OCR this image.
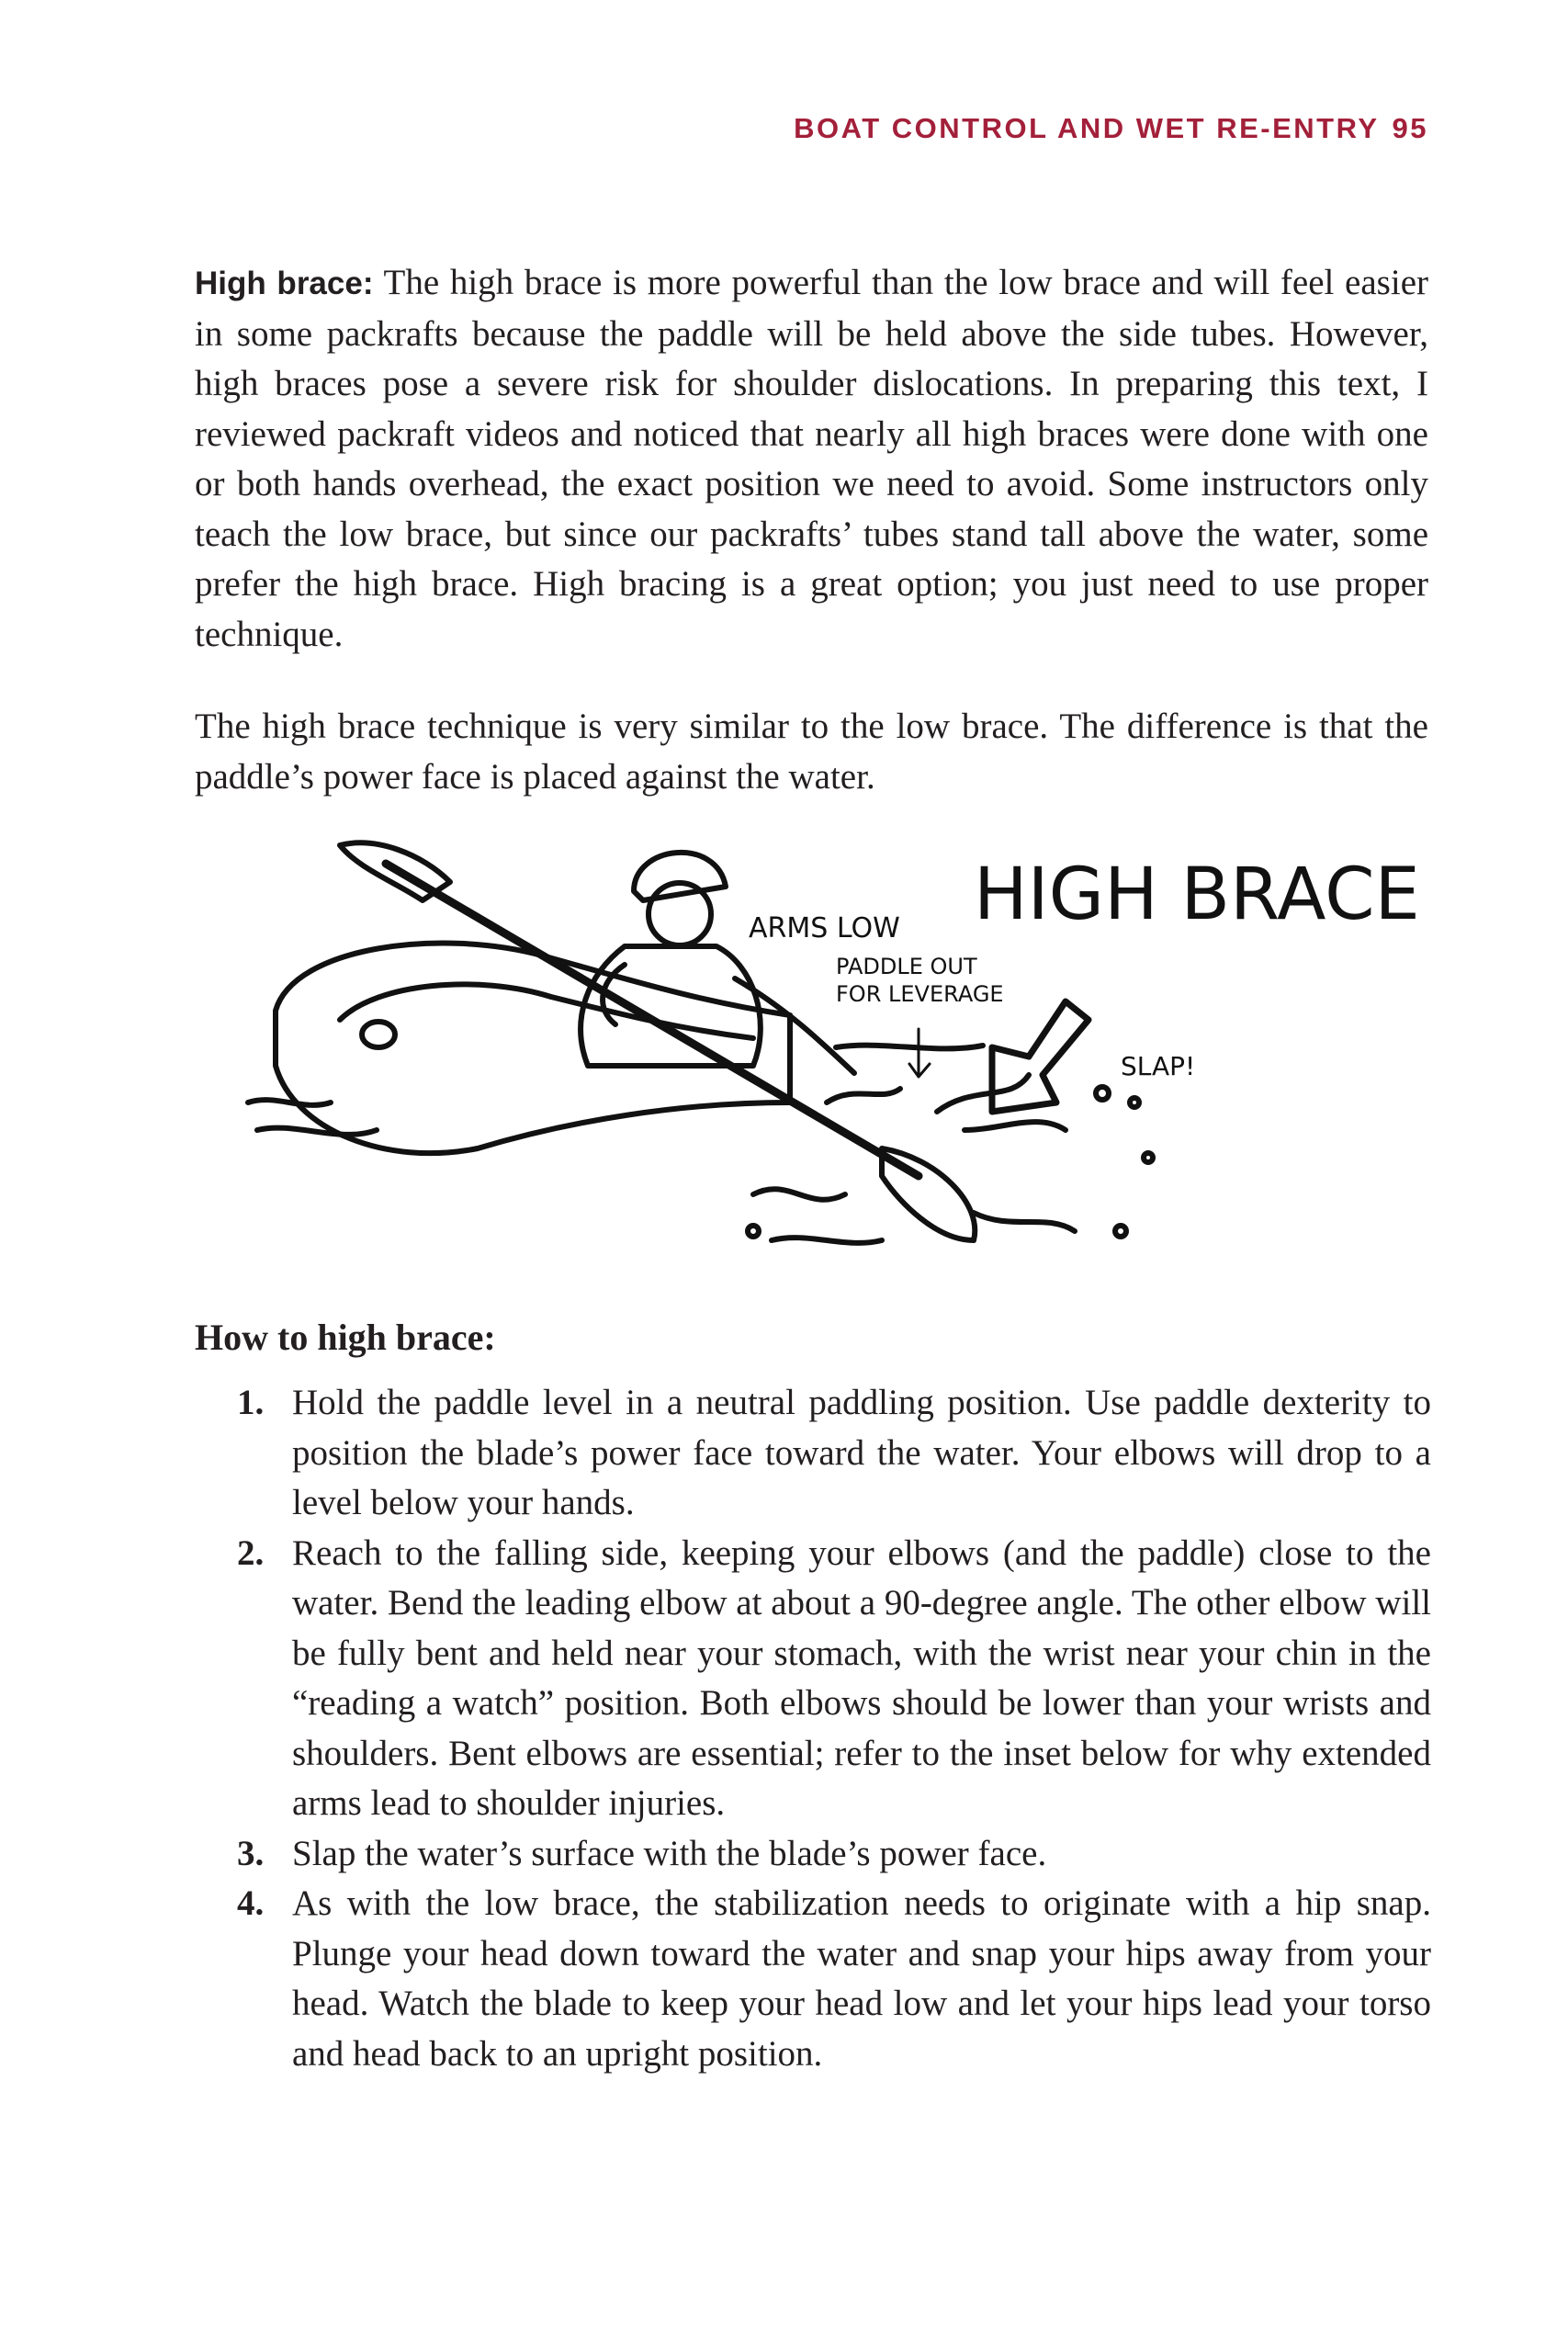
BOAT CONTROL AND WET RE-ENTRY 95

High brace: The high brace is more powerful than the low brace and will feel easier in some packrafts because the paddle will be held above the side tubes. However, high braces pose a severe risk for shoulder dislocations. In preparing this text, I reviewed packraft videos and noticed that nearly all high braces were done with one or both hands overhead, the exact position we need to avoid. Some instructors only teach the low brace, but since our packrafts’ tubes stand tall above the water, some prefer the high brace. High bracing is a great option; you just need to use proper technique.

The high brace technique is very similar to the low brace. The difference is that the paddle’s power face is placed against the water.

HIGH BRACE
ARMS LOW
PADDLE OUT
FOR LEVERAGE
SLAP!

How to high brace:

1. Hold the paddle level in a neutral paddling position. Use paddle dexterity to position the blade’s power face toward the water. Your elbows will drop to a level below your hands.
2. Reach to the falling side, keeping your elbows (and the paddle) close to the water. Bend the leading elbow at about a 90-degree angle. The other elbow will be fully bent and held near your stomach, with the wrist near your chin in the “reading a watch” position. Both elbows should be lower than your wrists and shoulders. Bent elbows are essential; refer to the inset below for why extended arms lead to shoulder injuries.
3. Slap the water’s surface with the blade’s power face.
4. As with the low brace, the stabilization needs to originate with a hip snap. Plunge your head down toward the water and snap your hips away from your head. Watch the blade to keep your head low and let your hips lead your torso and head back to an upright position.
